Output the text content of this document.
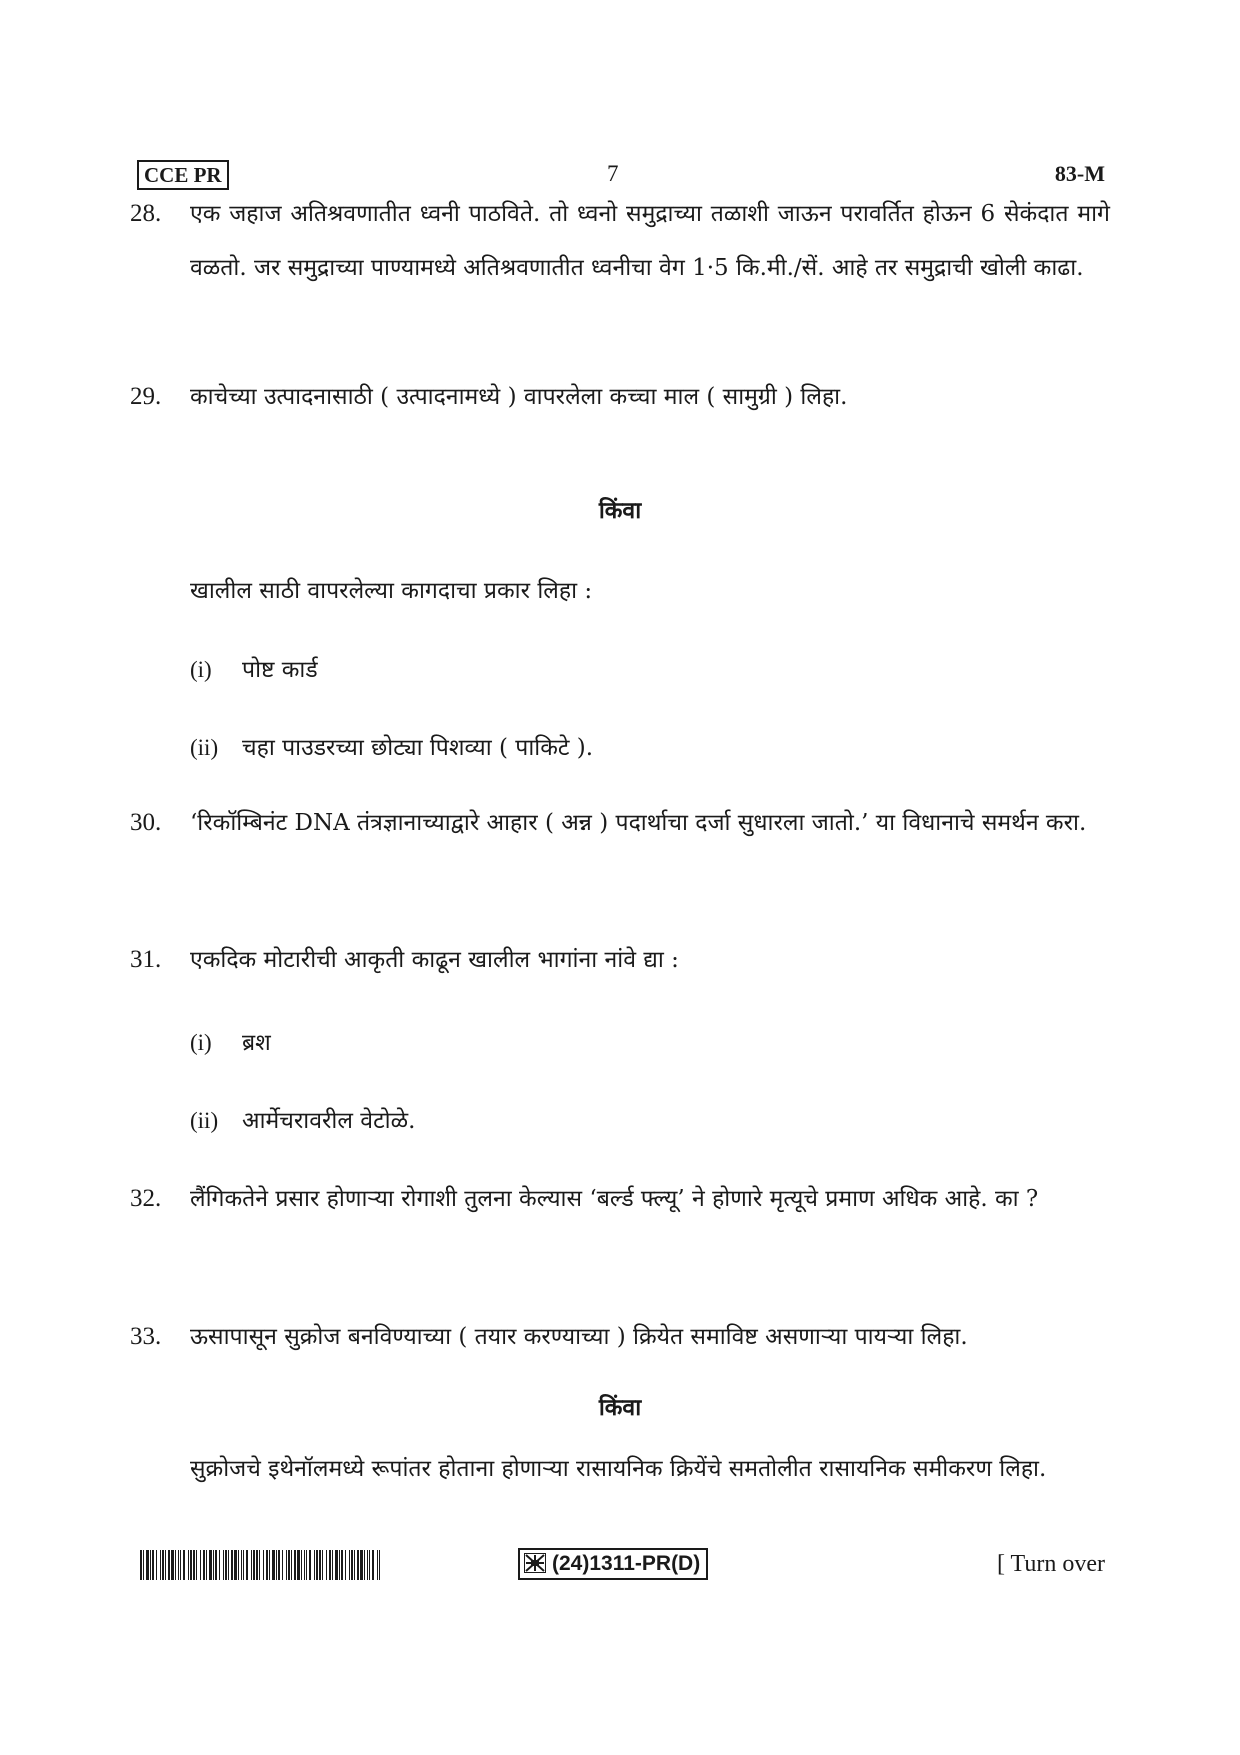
CCE PR	7	83-M
28. एक जहाज अतिश्रवणातीत ध्वनी पाठविते. तो ध्वनो समुद्राच्या तळाशी जाऊन परावर्तित होऊन 6 सेकंदात मागे वळतो. जर समुद्राच्या पाण्यामध्ये अतिश्रवणातीत ध्वनीचा वेग 1·5 कि.मी./सें. आहे तर समुद्राची खोली काढा.
29. काचेच्या उत्पादनासाठी ( उत्पादनामध्ये ) वापरलेला कच्चा माल ( सामुग्री ) लिहा.
किंवा
खालील साठी वापरलेल्या कागदाचा प्रकार लिहा :
(i) पोष्ट कार्ड
(ii) चहा पाउडरच्या छोट्या पिशव्या ( पाकिटे ).
30. ‘रिकॉम्बिनंट DNA तंत्रज्ञानाच्याद्वारे आहार ( अन्न ) पदार्थाचा दर्जा सुधारला जातो.’ या विधानाचे समर्थन करा.
31. एकदिक मोटारीची आकृती काढून खालील भागांना नांवे द्या :
(i) ब्रश
(ii) आर्मेचरावरील वेटोळे.
32. लैंगिकतेने प्रसार होणाऱ्या रोगाशी तुलना केल्यास ‘बर्ल्ड फ्ल्यू’ ने होणारे मृत्यूचे प्रमाण अधिक आहे. का ?
33. ऊसापासून सुक्रोज बनविण्याच्या ( तयार करण्याच्या ) क्रियेत समाविष्ट असणाऱ्या पायऱ्या लिहा.
किंवा
सुक्रोजचे इथेनॉलमध्ये रूपांतर होताना होणाऱ्या रासायनिक क्रियेंचे समतोलीत रासायनिक समीकरण लिहा.
(24)1311-PR(D)	[ Turn over
